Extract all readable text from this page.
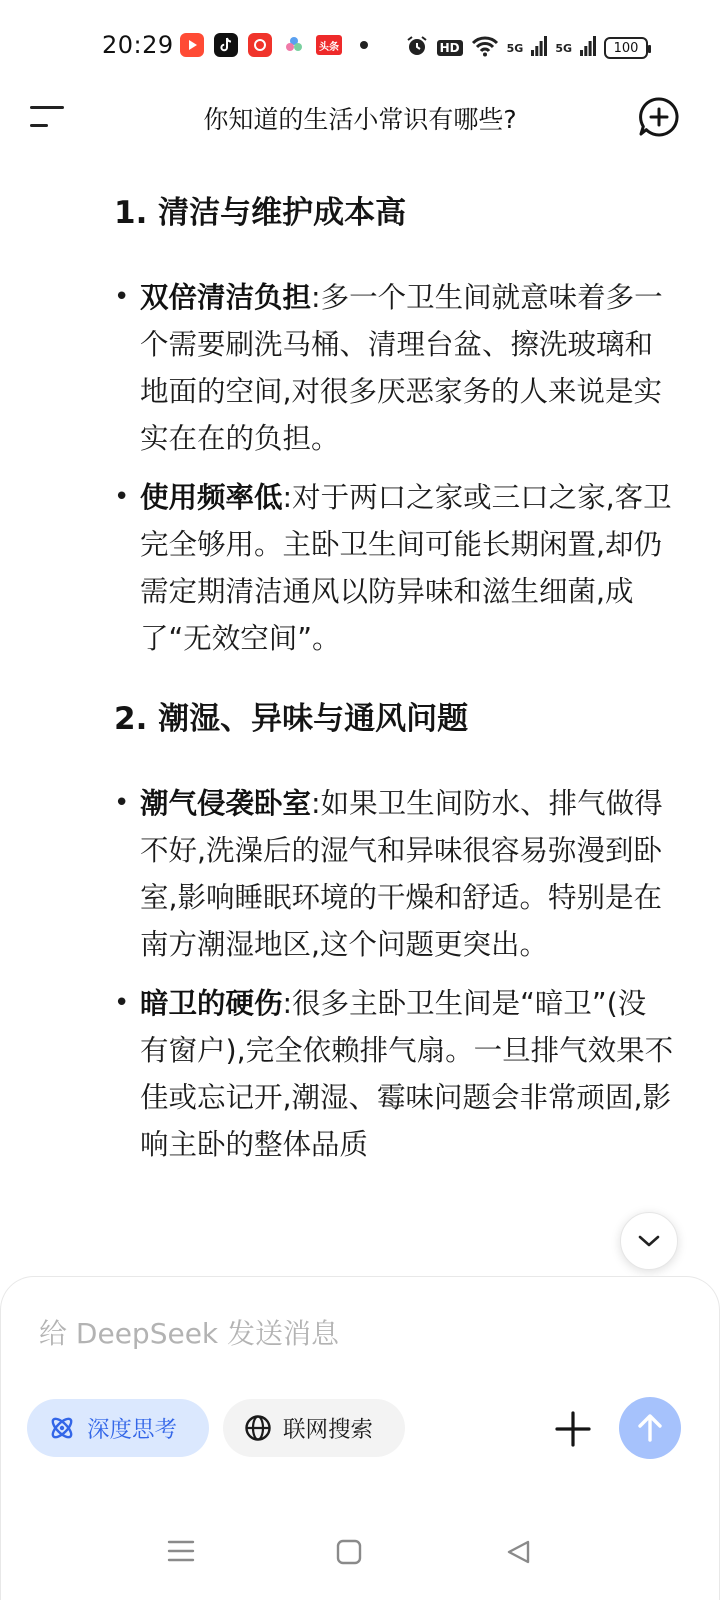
20:29	头条	HD	5G	5G	100
你知道的生活小常识有哪些?
1. 清洁与维护成本高
• 双倍清洁负担:多一个卫生间就意味着多一个需要刷洗马桶、清理台盆、擦洗玻璃和地面的空间,对很多厌恶家务的人来说是实实在在的负担。
• 使用频率低:对于两口之家或三口之家,客卫完全够用。主卧卫生间可能长期闲置,却仍需定期清洁通风以防异味和滋生细菌,成了“无效空间”。
2. 潮湿、异味与通风问题
• 潮气侵袭卧室:如果卫生间防水、排气做得不好,洗澡后的湿气和异味很容易弥漫到卧室,影响睡眠环境的干燥和舒适。特别是在南方潮湿地区,这个问题更突出。
• 暗卫的硬伤:很多主卧卫生间是“暗卫”(没有窗户),完全依赖排气扇。一旦排气效果不佳或忘记开,潮湿、霉味问题会非常顽固,影响主卧的整体品质
给 DeepSeek 发送消息
深度思考	联网搜索
